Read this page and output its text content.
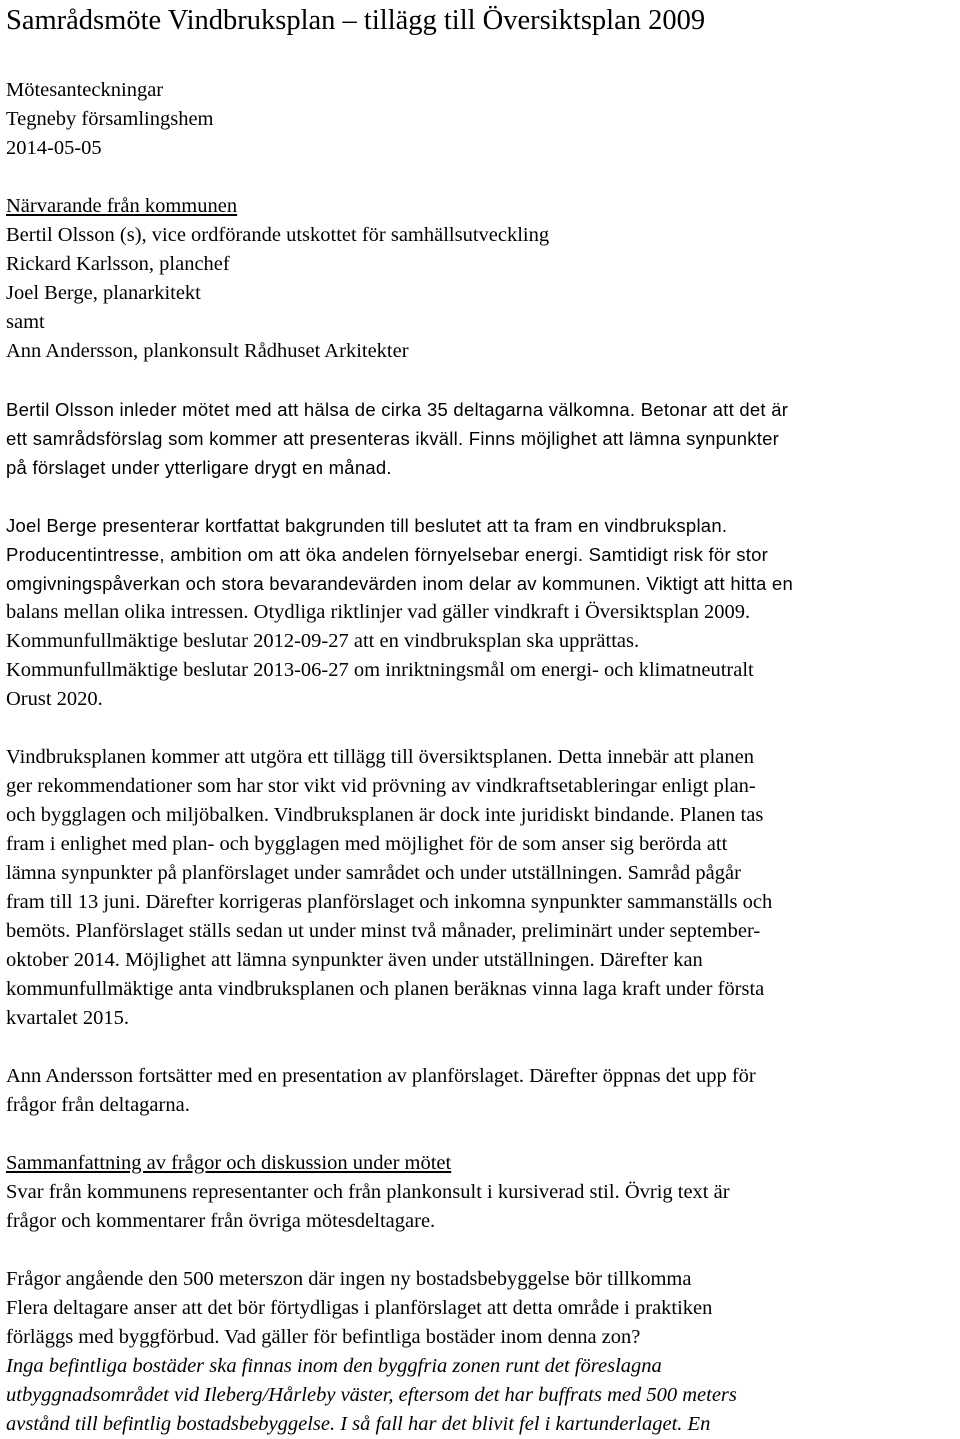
Samrådsmöte Vindbruksplan – tillägg till Översiktsplan 2009
Mötesanteckningar
Tegneby församlingshem
2014-05-05
Närvarande från kommunen
Bertil Olsson (s), vice ordförande utskottet för samhällsutveckling
Rickard Karlsson, planchef
Joel Berge, planarkitekt
samt
Ann Andersson, plankonsult Rådhuset Arkitekter
Bertil Olsson inleder mötet med att hälsa de cirka 35 deltagarna välkomna. Betonar att det är
ett samrådsförslag som kommer att presenteras ikväll. Finns möjlighet att lämna synpunkter
på förslaget under ytterligare drygt en månad.
Joel Berge presenterar kortfattat bakgrunden till beslutet att ta fram en vindbruksplan.
Producentintresse, ambition om att öka andelen förnyelsebar energi. Samtidigt risk för stor
omgivningspåverkan och stora bevarandevärden inom delar av kommunen. Viktigt att hitta en
balans mellan olika intressen. Otydliga riktlinjer vad gäller vindkraft i Översiktsplan 2009.
Kommunfullmäktige beslutar 2012-09-27 att en vindbruksplan ska upprättas.
Kommunfullmäktige beslutar 2013-06-27 om inriktningsmål om energi- och klimatneutralt
Orust 2020.
Vindbruksplanen kommer att utgöra ett tillägg till översiktsplanen. Detta innebär att planen
ger rekommendationer som har stor vikt vid prövning av vindkraftsetableringar enligt plan-
och bygglagen och miljöbalken. Vindbruksplanen är dock inte juridiskt bindande. Planen tas
fram i enlighet med plan- och bygglagen med möjlighet för de som anser sig berörda att
lämna synpunkter på planförslaget under samrådet och under utställningen. Samråd pågår
fram till 13 juni. Därefter korrigeras planförslaget och inkomna synpunkter sammanställs och
bemöts. Planförslaget ställs sedan ut under minst två månader, preliminärt under september-
oktober 2014. Möjlighet att lämna synpunkter även under utställningen. Därefter kan
kommunfullmäktige anta vindbruksplanen och planen beräknas vinna laga kraft under första
kvartalet 2015.
Ann Andersson fortsätter med en presentation av planförslaget. Därefter öppnas det upp för
frågor från deltagarna.
Sammanfattning av frågor och diskussion under mötet
Svar från kommunens representanter och från plankonsult i kursiverad stil. Övrig text är
frågor och kommentarer från övriga mötesdeltagare.
Frågor angående den 500 meterszon där ingen ny bostadsbebyggelse bör tillkomma
Flera deltagare anser att det bör förtydligas i planförslaget att detta område i praktiken
förläggs med byggförbud. Vad gäller för befintliga bostäder inom denna zon?
Inga befintliga bostäder ska finnas inom den byggfria zonen runt det föreslagna
utbyggnadsområdet vid Ileberg/Hårleby väster, eftersom det har buffrats med 500 meters
avstånd till befintlig bostadsbebyggelse. I så fall har det blivit fel i kartunderlaget. En
